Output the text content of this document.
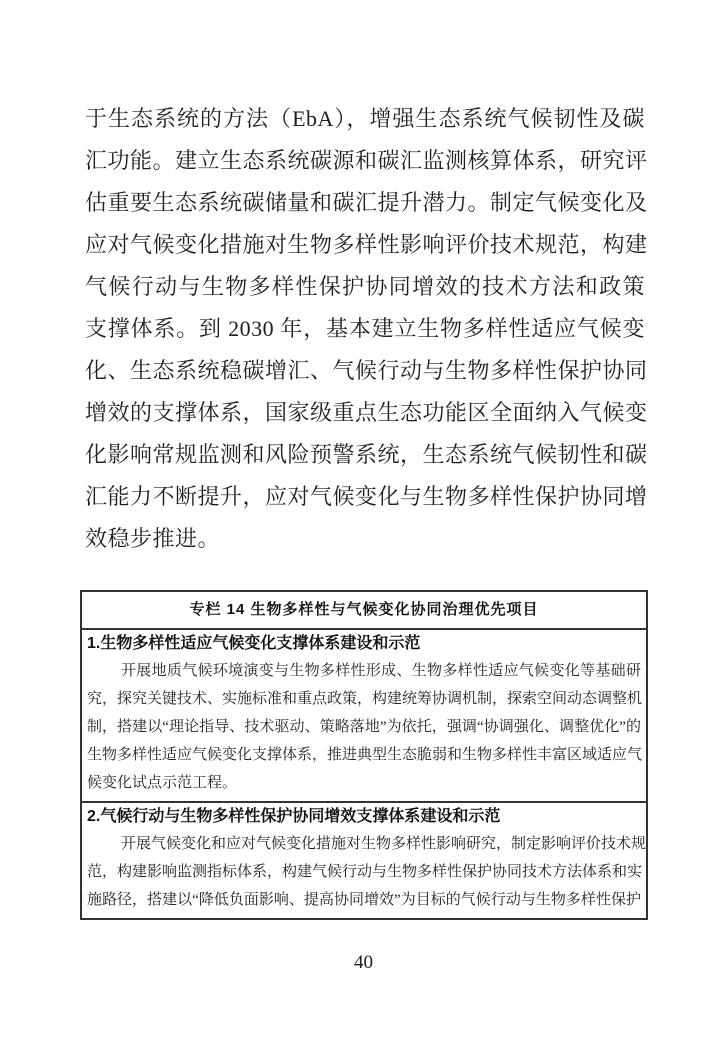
于生态系统的方法（EbA），增强生态系统气候韧性及碳
汇功能。建立生态系统碳源和碳汇监测核算体系，研究评
估重要生态系统碳储量和碳汇提升潜力。制定气候变化及
应对气候变化措施对生物多样性影响评价技术规范，构建
气候行动与生物多样性保护协同增效的技术方法和政策
支撑体系。到 2030 年，基本建立生物多样性适应气候变
化、生态系统稳碳增汇、气候行动与生物多样性保护协同
增效的支撑体系，国家级重点生态功能区全面纳入气候变
化影响常规监测和风险预警系统，生态系统气候韧性和碳
汇能力不断提升，应对气候变化与生物多样性保护协同增
效稳步推进。
专栏 14 生物多样性与气候变化协同治理优先项目
1.生物多样性适应气候变化支撑体系建设和示范
开展地质气候环境演变与生物多样性形成、生物多样性适应气候变化等基础研
究，探究关键技术、实施标准和重点政策，构建统筹协调机制，探索空间动态调整机
制，搭建以“理论指导、技术驱动、策略落地”为依托，强调“协调强化、调整优化”的
生物多样性适应气候变化支撑体系，推进典型生态脆弱和生物多样性丰富区域适应气
候变化试点示范工程。
2.气候行动与生物多样性保护协同增效支撑体系建设和示范
开展气候变化和应对气候变化措施对生物多样性影响研究，制定影响评价技术规
范，构建影响监测指标体系，构建气候行动与生物多样性保护协同技术方法体系和实
施路径，搭建以“降低负面影响、提高协同增效”为目标的气候行动与生物多样性保护
40
